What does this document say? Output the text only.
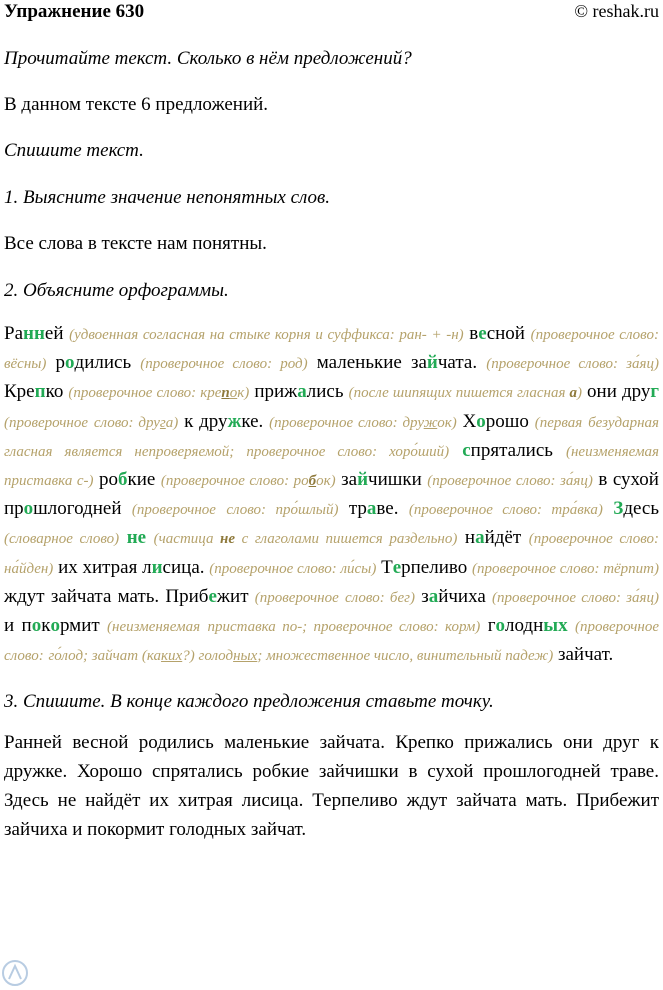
Упражнение 630	© reshak.ru

Прочитайте текст. Сколько в нём предложений?

В данном тексте 6 предложений.

Спишите текст.

1. Выясните значение непонятных слов.

Все слова в тексте нам понятны.

2. Объясните орфограммы.

Ранней (удвоенная согласная на стыке корня и суффикса: ран- + -н) весной (проверочное слово: вёсны) родились (проверочное слово: род) маленькие зайчата. (проверочное слово: за́яц) Крепко (проверочное слово: крепок) прижались (после шипящих пишется гласная а) они друг (проверочное слово: друга) к дружке. (проверочное слово: дружок) Хорошо (первая безударная гласная является непроверяемой; проверочное слово: хоро́ший) спрятались (неизменяемая приставка с-) робкие (проверочное слово: робок) зайчишки (проверочное слово: за́яц) в сухой прошлогодней (проверочное слово: про́шлый) траве. (проверочное слово: тра́вка) Здесь (словарное слово) не (частица не с глаголами пишется раздельно) найдёт (проверочное слово: на́йден) их хитрая лисица. (проверочное слово: ли́сы) Терпеливо (проверочное слово: тёрпит) ждут зайчата мать. Прибежит (проверочное слово: бег) зайчиха (проверочное слово: за́яц) и покормит (неизменяемая приставка по-; проверочное слово: корм) голодных (проверочное слово: го́лод; зайчат (каких?) голодных; множественное число, винительный падеж) зайчат.

3. Спишите. В конце каждого предложения ставьте точку.

Ранней весной родились маленькие зайчата. Крепко прижались они друг к дружке. Хорошо спрятались робкие зайчишки в сухой прошлогодней траве. Здесь не найдёт их хитрая лисица. Терпеливо ждут зайчата мать. Прибежит зайчиха и покормит голодных зайчат.
